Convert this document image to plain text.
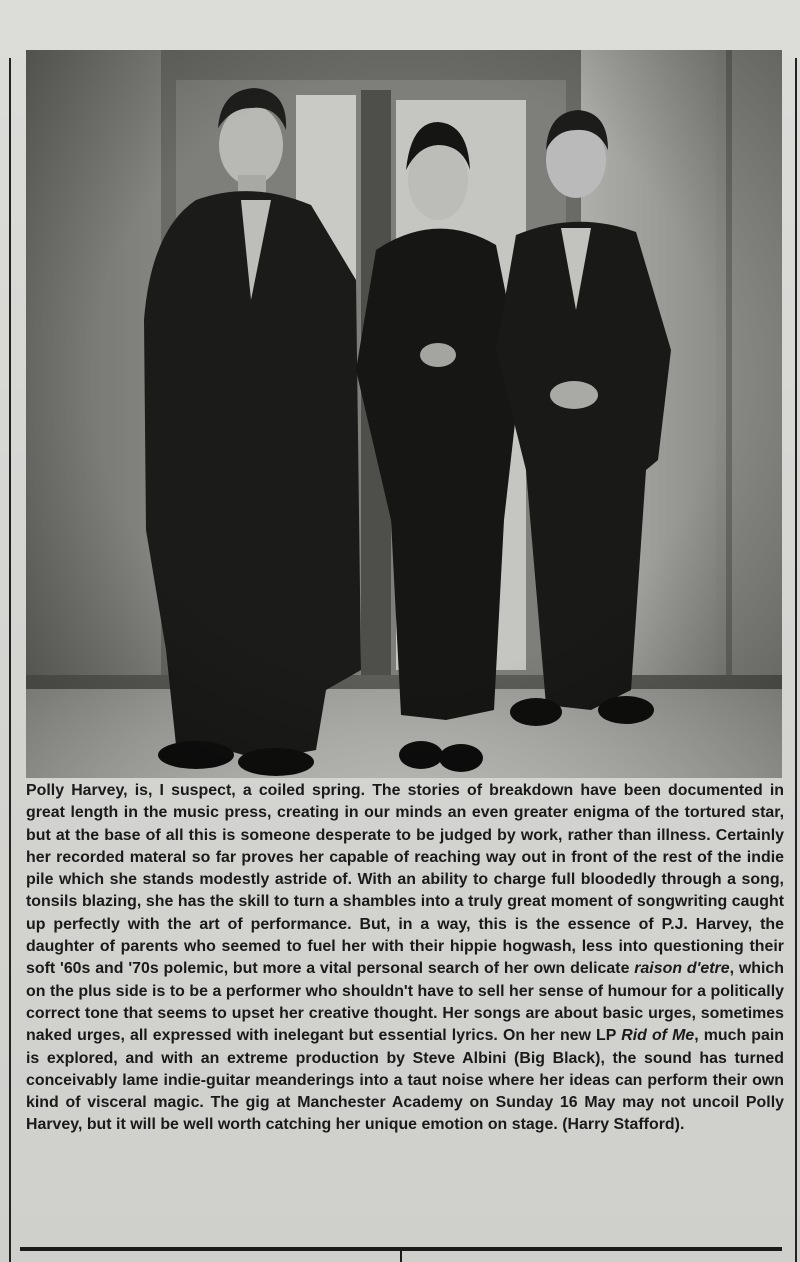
Polly Harvey, is, I suspect, a coiled spring. The stories of breakdown have been documented in great length in the music press, creating in our minds an even greater enigma of the tortured star, but at the base of all this is someone desperate to be judged by work, rather than illness. Certainly her recorded materal so far proves her capable of reaching way out in front of the rest of the indie pile which she stands modestly astride of. With an ability to charge full bloodedly through a song, tonsils blazing, she has the skill to turn a shambles into a truly great moment of songwriting caught up perfectly with the art of performance. But, in a way, this is the essence of P.J. Harvey, the daughter of parents who seemed to fuel her with their hippie hogwash, less into questioning their soft '60s and '70s polemic, but more a vital personal search of her own delicate raison d'etre, which on the plus side is to be a performer who shouldn't have to sell her sense of humour for a politically correct tone that seems to upset her creative thought. Her songs are about basic urges, sometimes naked urges, all expressed with inelegant but essential lyrics. On her new LP Rid of Me, much pain is explored, and with an extreme production by Steve Albini (Big Black), the sound has turned conceivably lame indie-guitar meanderings into a taut noise where her ideas can perform their own kind of visceral magic. The gig at Manchester Academy on Sunday 16 May may not uncoil Polly Harvey, but it will be well worth catching her unique emotion on stage. (Harry Stafford).
